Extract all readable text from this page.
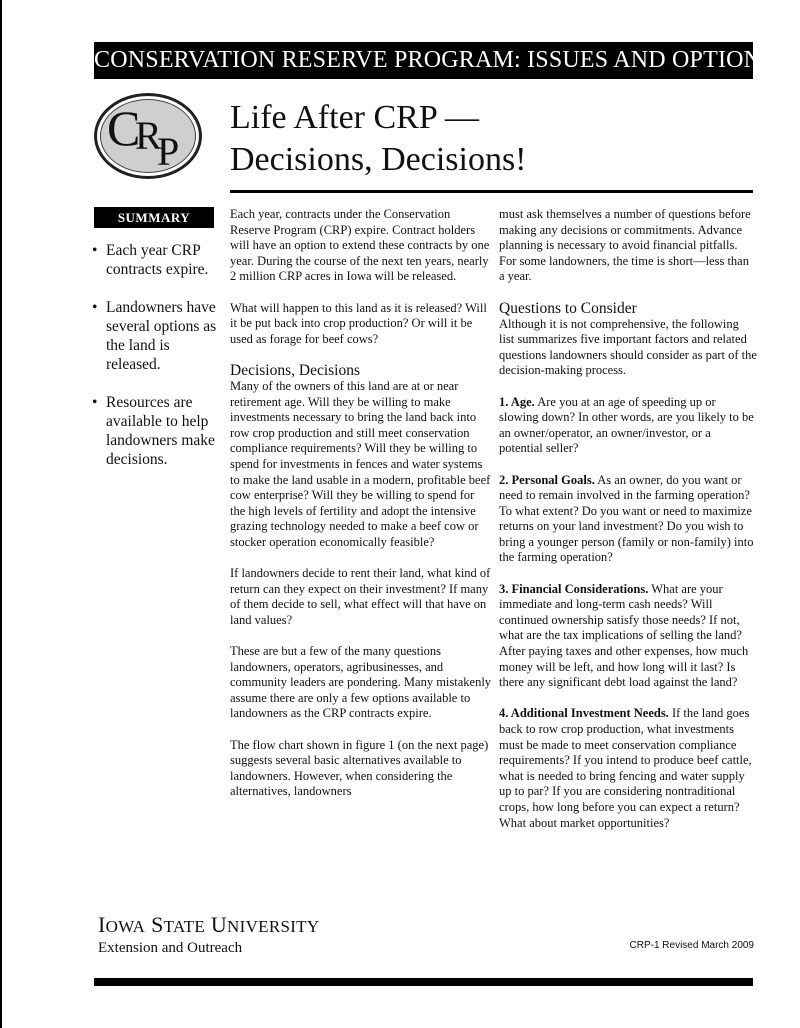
CONSERVATION RESERVE PROGRAM: ISSUES AND OPTIONS
C
R
P
Life After CRP —
Decisions, Decisions!
SUMMARY
• Each year CRP contracts expire.
• Landowners have several options as the land is released.
• Resources are available to help landowners make decisions.

Each year, contracts under the Conservation Reserve Program (CRP) expire. Contract holders will have an option to extend these contracts by one year. During the course of the next ten years, nearly 2 million CRP acres in Iowa will be released.

What will happen to this land as it is released? Will it be put back into crop production? Or will it be used as forage for beef cows?

Decisions, Decisions

Many of the owners of this land are at or near retirement age. Will they be willing to make investments necessary to bring the land back into row crop production and still meet conservation compliance requirements? Will they be willing to spend for investments in fences and water systems to make the land usable in a modern, profitable beef cow enterprise? Will they be willing to spend for the high levels of fertility and adopt the intensive grazing technology needed to make a beef cow or stocker operation economically feasible?

If landowners decide to rent their land, what kind of return can they expect on their investment? If many of them decide to sell, what effect will that have on land values?

These are but a few of the many questions landowners, operators, agribusinesses, and community leaders are pondering. Many mistakenly assume there are only a few options available to landowners as the CRP contracts expire.

The flow chart shown in figure 1 (on the next page) suggests several basic alternatives available to landowners. However, when considering the alternatives, landowners

must ask themselves a number of questions before making any decisions or commitments. Advance planning is necessary to avoid financial pitfalls. For some landowners, the time is short—less than a year.

Questions to Consider

Although it is not comprehensive, the following list summarizes five important factors and related questions landowners should consider as part of the decision-making process.

1. Age. Are you at an age of speeding up or slowing down? In other words, are you likely to be an owner/operator, an owner/investor, or a potential seller?

2. Personal Goals. As an owner, do you want or need to remain involved in the farming operation? To what extent? Do you want or need to maximize returns on your land investment? Do you wish to bring a younger person (family or non-family) into the farming operation?

3. Financial Considerations. What are your immediate and long-term cash needs? Will continued ownership satisfy those needs? If not, what are the tax implications of selling the land? After paying taxes and other expenses, how much money will be left, and how long will it last? Is there any significant debt load against the land?

4. Additional Investment Needs. If the land goes back to row crop production, what investments must be made to meet conservation compliance requirements? If you intend to produce beef cattle, what is needed to bring fencing and water supply up to par? If you are considering nontraditional crops, how long before you can expect a return? What about market opportunities?

IOWA STATE UNIVERSITY
Extension and Outreach	CRP-1 Revised March 2009
